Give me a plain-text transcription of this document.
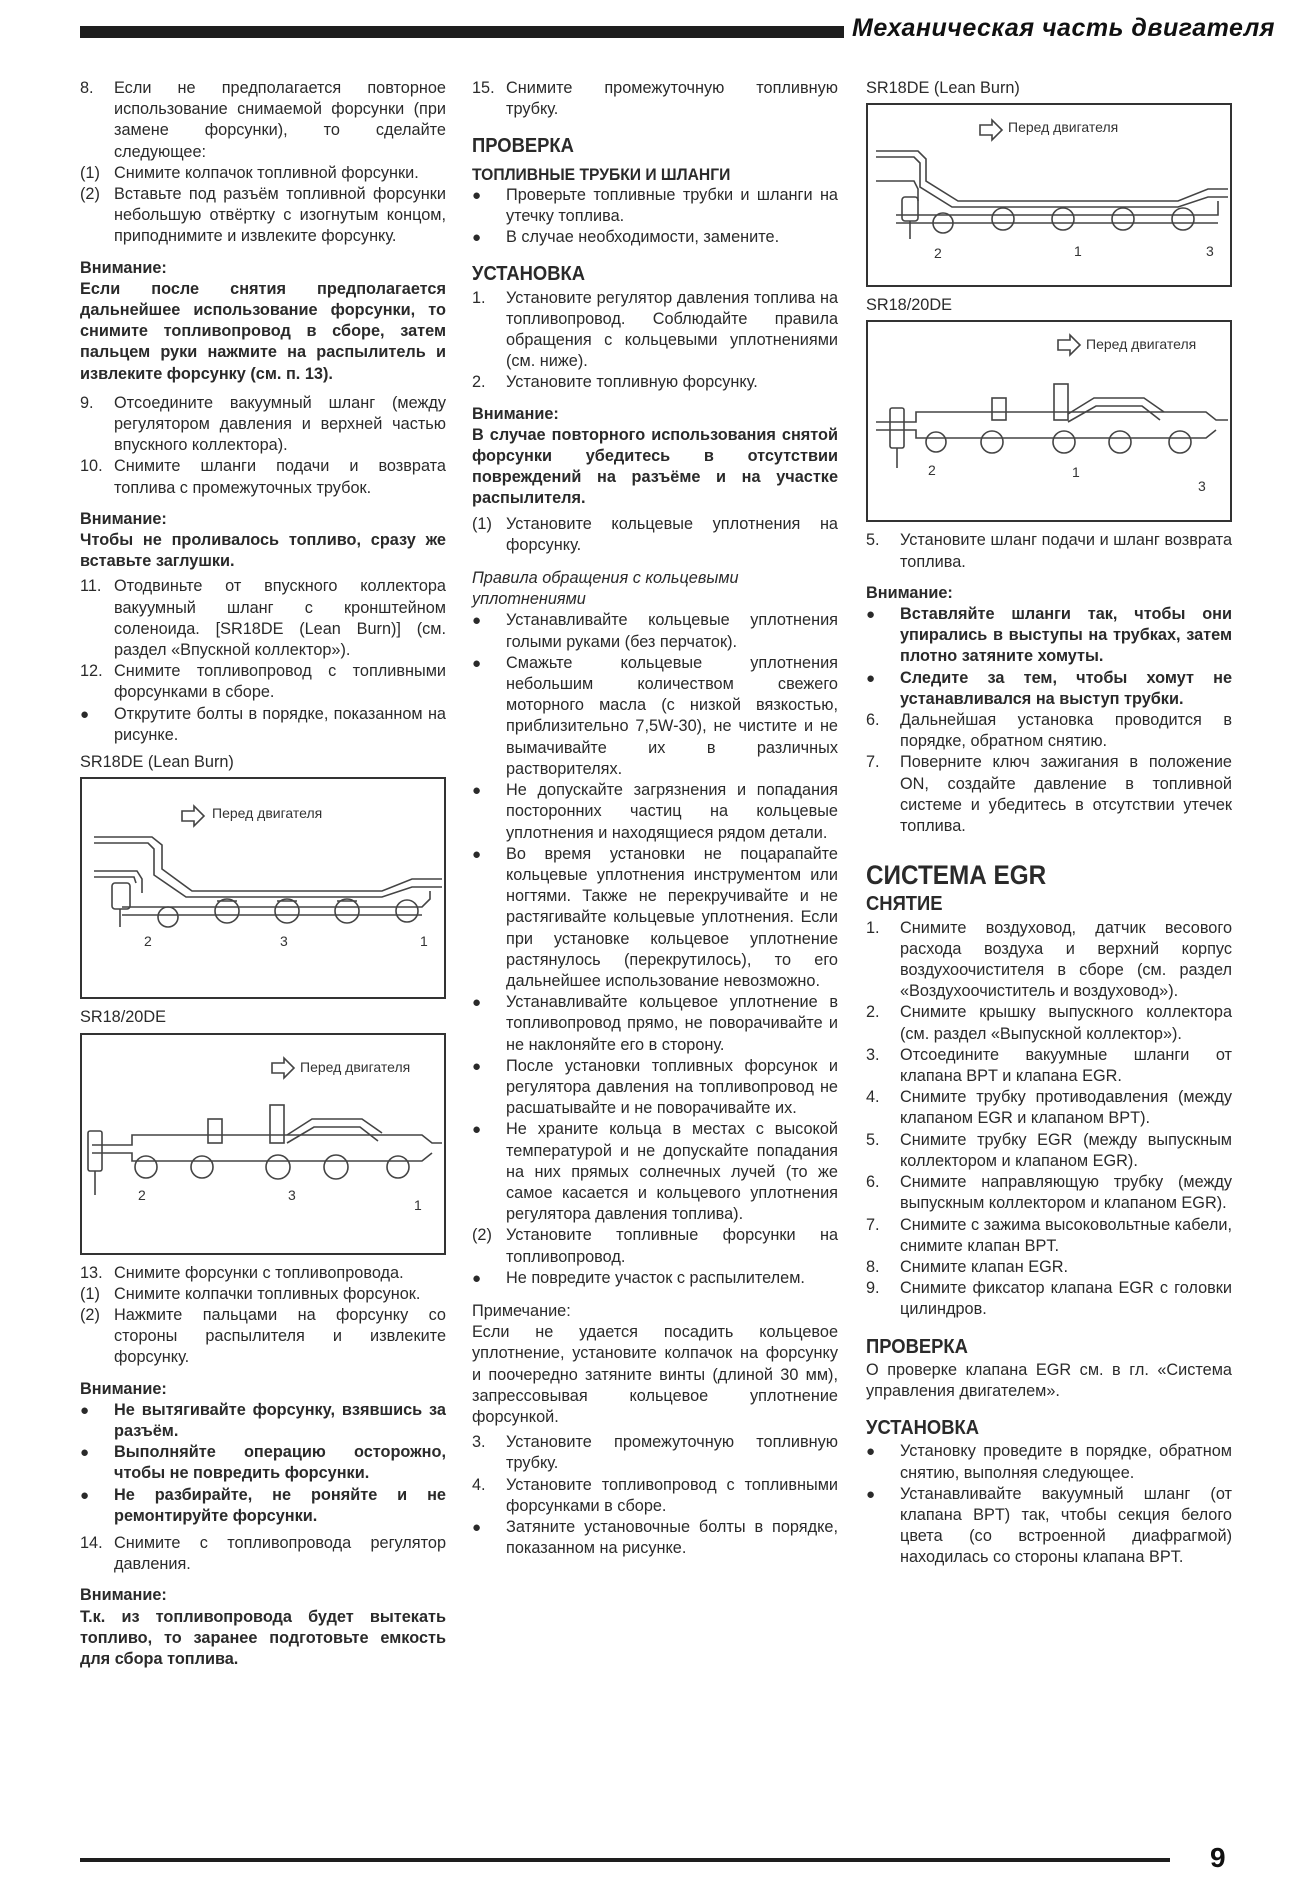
Механическая часть двигателя
8.	Если не предполагается повторное использование снимаемой форсунки (при замене форсунки), то сделайте следующее:
(1) Снимите колпачок топливной форсунки.
(2) Вставьте под разъём топливной форсунки небольшую отвёртку с изогнутым концом, приподнимите и извлеките форсунку.
Внимание:
Если после снятия предполагается дальнейшее использование форсунки, то снимите топливопровод в сборе, затем пальцем руки нажмите на распылитель и извлеките форсунку (см. п. 13).
9.	Отсоедините вакуумный шланг (между регулятором давления и верхней частью впускного коллектора).
10. Снимите шланги подачи и возврата топлива с промежуточных трубок.
Внимание:
Чтобы не проливалось топливо, сразу же вставьте заглушки.
11. Отодвиньте от впускного коллектора вакуумный шланг с кронштейном соленоида. [SR18DE (Lean Burn)] (см. раздел «Впускной коллектор»).
12. Снимите топливопровод с топливными форсунками в сборе.
●	Открутите болты в порядке, показанном на рисунке.
SR18DE (Lean Burn)
Перед двигателя
2	3	1
SR18/20DE
Перед двигателя
2	3
1
13. Снимите форсунки с топливопровода.
(1) Снимите колпачки топливных форсунок.
(2) Нажмите пальцами на форсунку со стороны распылителя и извлеките форсунку.
Внимание:
●	Не вытягивайте форсунку, взявшись за разъём.
●	Выполняйте операцию осторожно, чтобы не повредить форсунки.
●	Не разбирайте, не роняйте и не ремонтируйте форсунки.
14. Снимите с топливопровода регулятор давления.
Внимание:
Т.к. из топливопровода будет вытекать топливо, то заранее подготовьте емкость для сбора топлива.
15. Снимите промежуточную топливную трубку.
ПРОВЕРКА
ТОПЛИВНЫЕ ТРУБКИ И ШЛАНГИ
●	Проверьте топливные трубки и шланги на утечку топлива.
●	В случае необходимости, замените.
УСТАНОВКА
1.	Установите регулятор давления топлива на топливопровод. Соблюдайте правила обращения с кольцевыми уплотнениями (см. ниже).
2.	Установите топливную форсунку.
Внимание:
В случае повторного использования снятой форсунки убедитесь в отсутствии повреждений на разъёме и на участке распылителя.
(1) Установите кольцевые уплотнения на форсунку.
Правила обращения с кольцевыми уплотнениями
●	Устанавливайте кольцевые уплотнения голыми руками (без перчаток).
●	Смажьте кольцевые уплотнения небольшим количеством свежего моторного масла (с низкой вязкостью, приблизительно 7,5W-30), не чистите и не вымачивайте их в различных растворителях.
●	Не допускайте загрязнения и попадания посторонних частиц на кольцевые уплотнения и находящиеся рядом детали.
●	Во время установки не поцарапайте кольцевые уплотнения инструментом или ногтями. Также не перекручивайте и не растягивайте кольцевые уплотнения. Если при установке кольцевое уплотнение растянулось (перекрутилось), то его дальнейшее использование невозможно.
●	Устанавливайте кольцевое уплотнение в топливопровод прямо, не поворачивайте и не наклоняйте его в сторону.
●	После установки топливных форсунок и регулятора давления на топливопровод не расшатывайте и не поворачивайте их.
●	Не храните кольца в местах с высокой температурой и не допускайте попадания на них прямых солнечных лучей (то же самое касается и кольцевого уплотнения регулятора давления топлива).
(2) Установите топливные форсунки на топливопровод.
●	Не повредите участок с распылителем.
Примечание:
Если не удается посадить кольцевое уплотнение, установите колпачок на форсунку и поочередно затяните винты (длиной 30 мм), запрессовывая кольцевое уплотнение форсункой.
3.	Установите промежуточную топливную трубку.
4.	Установите топливопровод с топливными форсунками в сборе.
●	Затяните установочные болты в порядке, показанном на рисунке.
SR18DE (Lean Burn)
Перед двигателя
2	1	3
SR18/20DE
Перед двигателя
2	1
3
5.	Установите шланг подачи и шланг возврата топлива.
Внимание:
●	Вставляйте шланги так, чтобы они упирались в выступы на трубках, затем плотно затяните хомуты.
●	Следите за тем, чтобы хомут не устанавливался на выступ трубки.
6.	Дальнейшая установка проводится в порядке, обратном снятию.
7.	Поверните ключ зажигания в положение ON, создайте давление в топливной системе и убедитесь в отсутствии утечек топлива.
СИСТЕМА EGR
СНЯТИЕ
1.	Снимите воздуховод, датчик весового расхода воздуха и верхний корпус воздухоочистителя в сборе (см. раздел «Воздухоочиститель и воздуховод»).
2.	Снимите крышку выпускного коллектора (см. раздел «Выпускной коллектор»).
3.	Отсоедините вакуумные шланги от клапана BPT и клапана EGR.
4.	Снимите трубку противодавления (между клапаном EGR и клапаном BPT).
5.	Снимите трубку EGR (между выпускным коллектором и клапаном EGR).
6.	Снимите направляющую трубку (между выпускным коллектором и клапаном EGR).
7.	Снимите с зажима высоковольтные кабели, снимите клапан BPT.
8.	Снимите клапан EGR.
9.	Снимите фиксатор клапана EGR с головки цилиндров.
ПРОВЕРКА
О проверке клапана EGR см. в гл. «Система управления двигателем».
УСТАНОВКА
●	Установку проведите в порядке, обратном снятию, выполняя следующее.
●	Устанавливайте вакуумный шланг (от клапана BPT) так, чтобы секция белого цвета (со встроенной диафрагмой) находилась со стороны клапана BPT.
9
